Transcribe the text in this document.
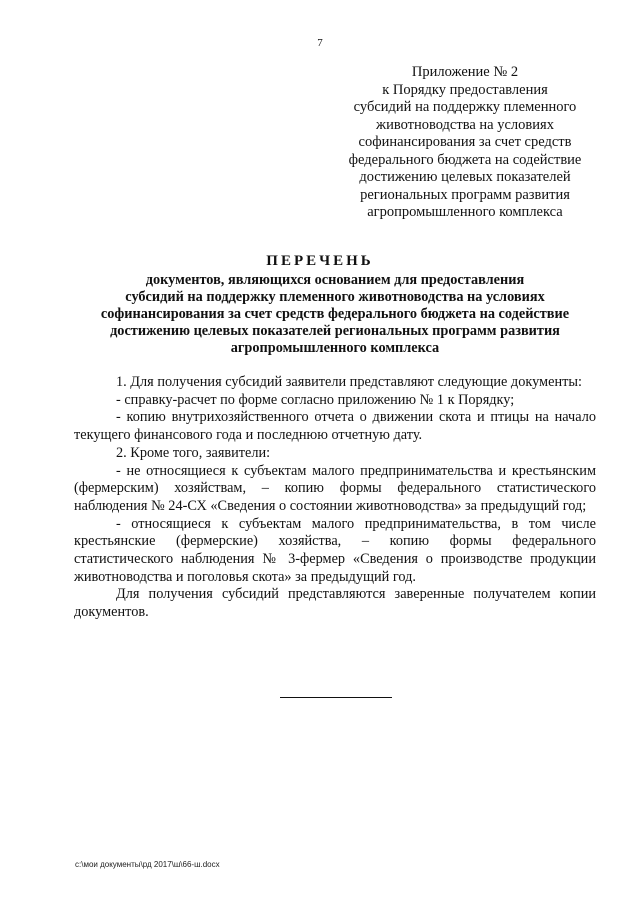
7
Приложение № 2
к Порядку предоставления
субсидий на поддержку племенного
животноводства на условиях
софинансирования за счет средств
федерального бюджета на содействие
достижению целевых показателей
региональных программ развития
агропромышленного комплекса
ПЕРЕЧЕНЬ
документов, являющихся основанием для предоставления
субсидий на поддержку племенного животноводства на условиях
софинансирования за счет средств федерального бюджета на содействие
достижению целевых показателей региональных программ развития
агропромышленного комплекса

1. Для получения субсидий заявители представляют следующие документы:

- справку-расчет по форме согласно приложению № 1 к Порядку;

- копию внутрихозяйственного отчета о движении скота и птицы на начало текущего финансового года и последнюю отчетную дату.

2. Кроме того, заявители:

- не относящиеся к субъектам малого предпринимательства и крестьянским (фермерским) хозяйствам, – копию формы федерального статистического наблюдения № 24-СХ «Сведения о состоянии животноводства» за предыдущий год;

- относящиеся к субъектам малого предпринимательства, в том числе крестьянские (фермерские) хозяйства, – копию формы федерального статистического наблюдения № 3-фермер «Сведения о производстве продукции животноводства и поголовья скота» за предыдущий год.

Для получения субсидий представляются заверенные получателем копии документов.

c:\мои документы\рд 2017\ш\66-ш.docx
